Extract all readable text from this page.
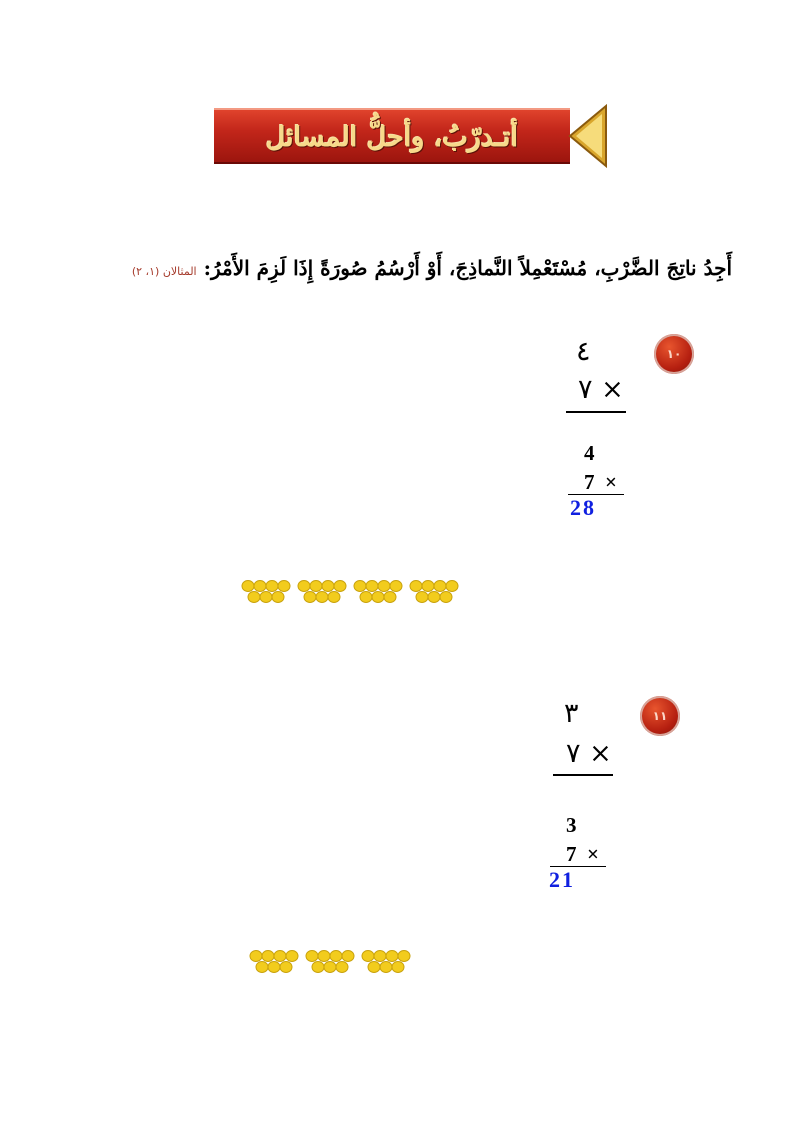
أتـدرّبُ، وأحلُّ المسائل
أَجِدُ ناتِجَ الضَّرْبِ، مُسْتَعْمِلاً النَّماذِجَ، أَوْ أَرْسُمُ صُورَةً إِذَا لَزِمَ الأَمْرُ: المثالان (١، ٢)
١٠
٤
× ٧
4
7  ×
28
١١
٣
× ٧
3
7  ×
21
